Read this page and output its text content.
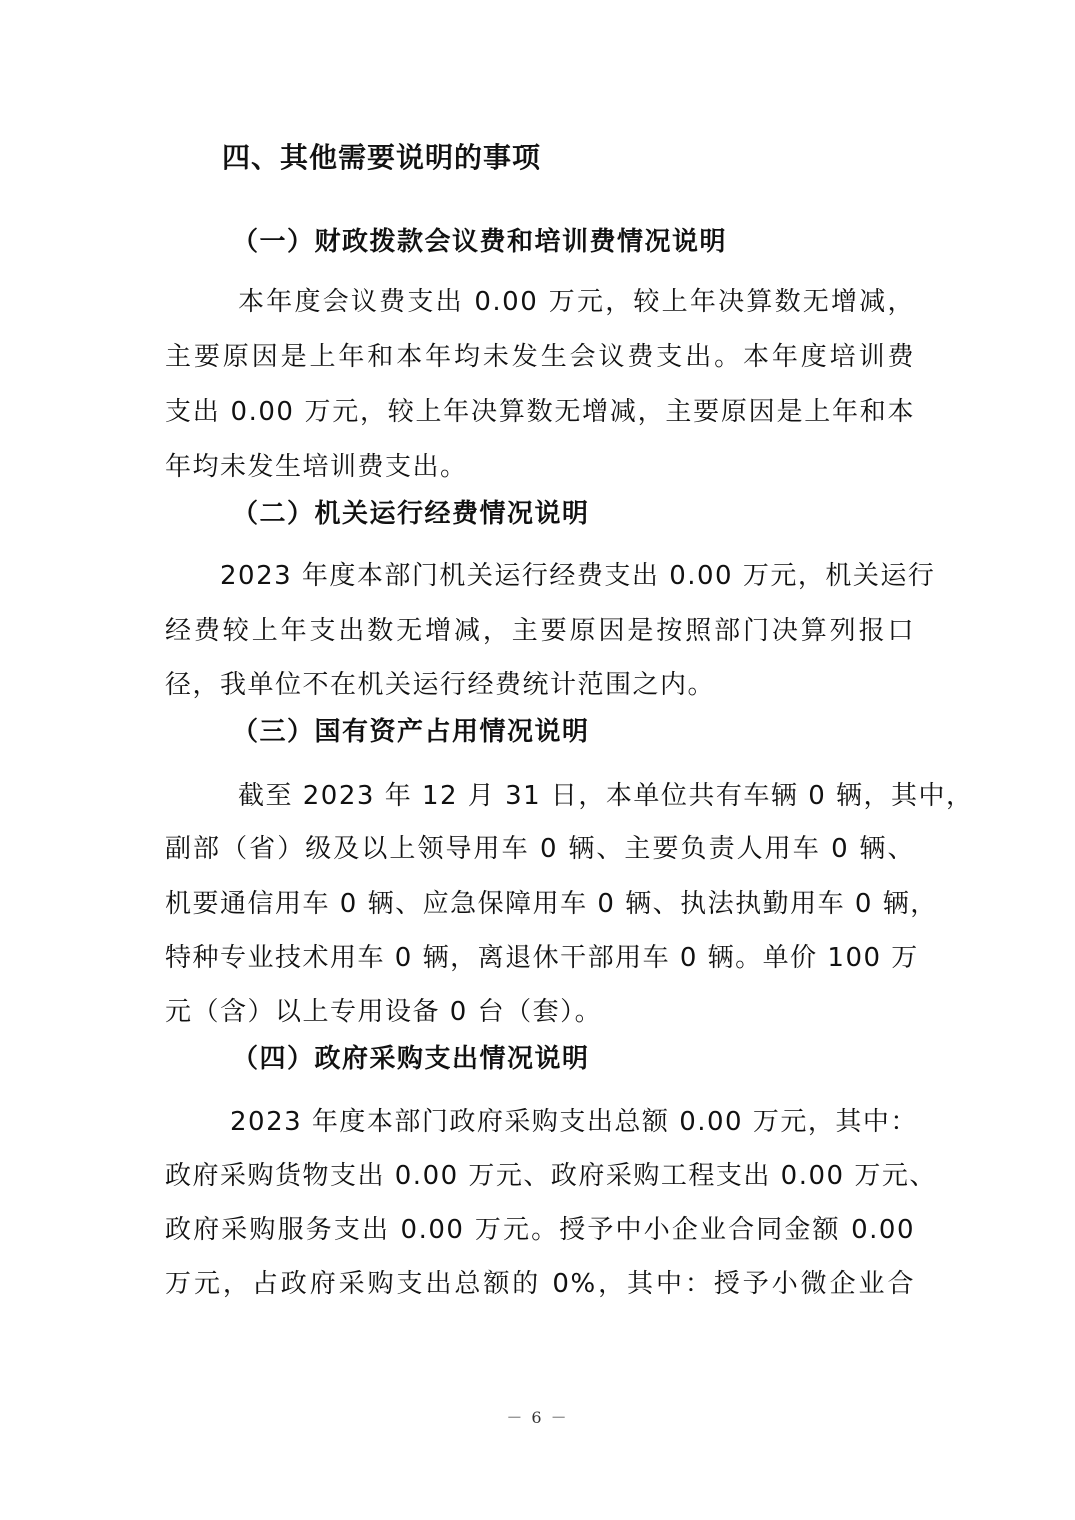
四、其他需要说明的事项
（一）财政拨款会议费和培训费情况说明
本年度会议费支出 0.00 万元，较上年决算数无增减，
主要原因是上年和本年均未发生会议费支出。本年度培训费
支出 0.00 万元，较上年决算数无增减，主要原因是上年和本
年均未发生培训费支出。
（二）机关运行经费情况说明
2023 年度本部门机关运行经费支出 0.00 万元，机关运行
经费较上年支出数无增减，主要原因是按照部门决算列报口
径，我单位不在机关运行经费统计范围之内。
（三）国有资产占用情况说明
截至 2023 年 12 月 31 日，本单位共有车辆 0 辆，其中，
副部（省）级及以上领导用车 0 辆、主要负责人用车 0 辆、
机要通信用车 0 辆、应急保障用车 0 辆、执法执勤用车 0 辆，
特种专业技术用车 0 辆，离退休干部用车 0 辆。单价 100 万
元（含）以上专用设备 0 台（套）。
（四）政府采购支出情况说明
2023 年度本部门政府采购支出总额 0.00 万元，其中：
政府采购货物支出 0.00 万元、政府采购工程支出 0.00 万元、
政府采购服务支出 0.00 万元。授予中小企业合同金额 0.00
万元，占政府采购支出总额的 0%，其中：授予小微企业合
－ 6 －
